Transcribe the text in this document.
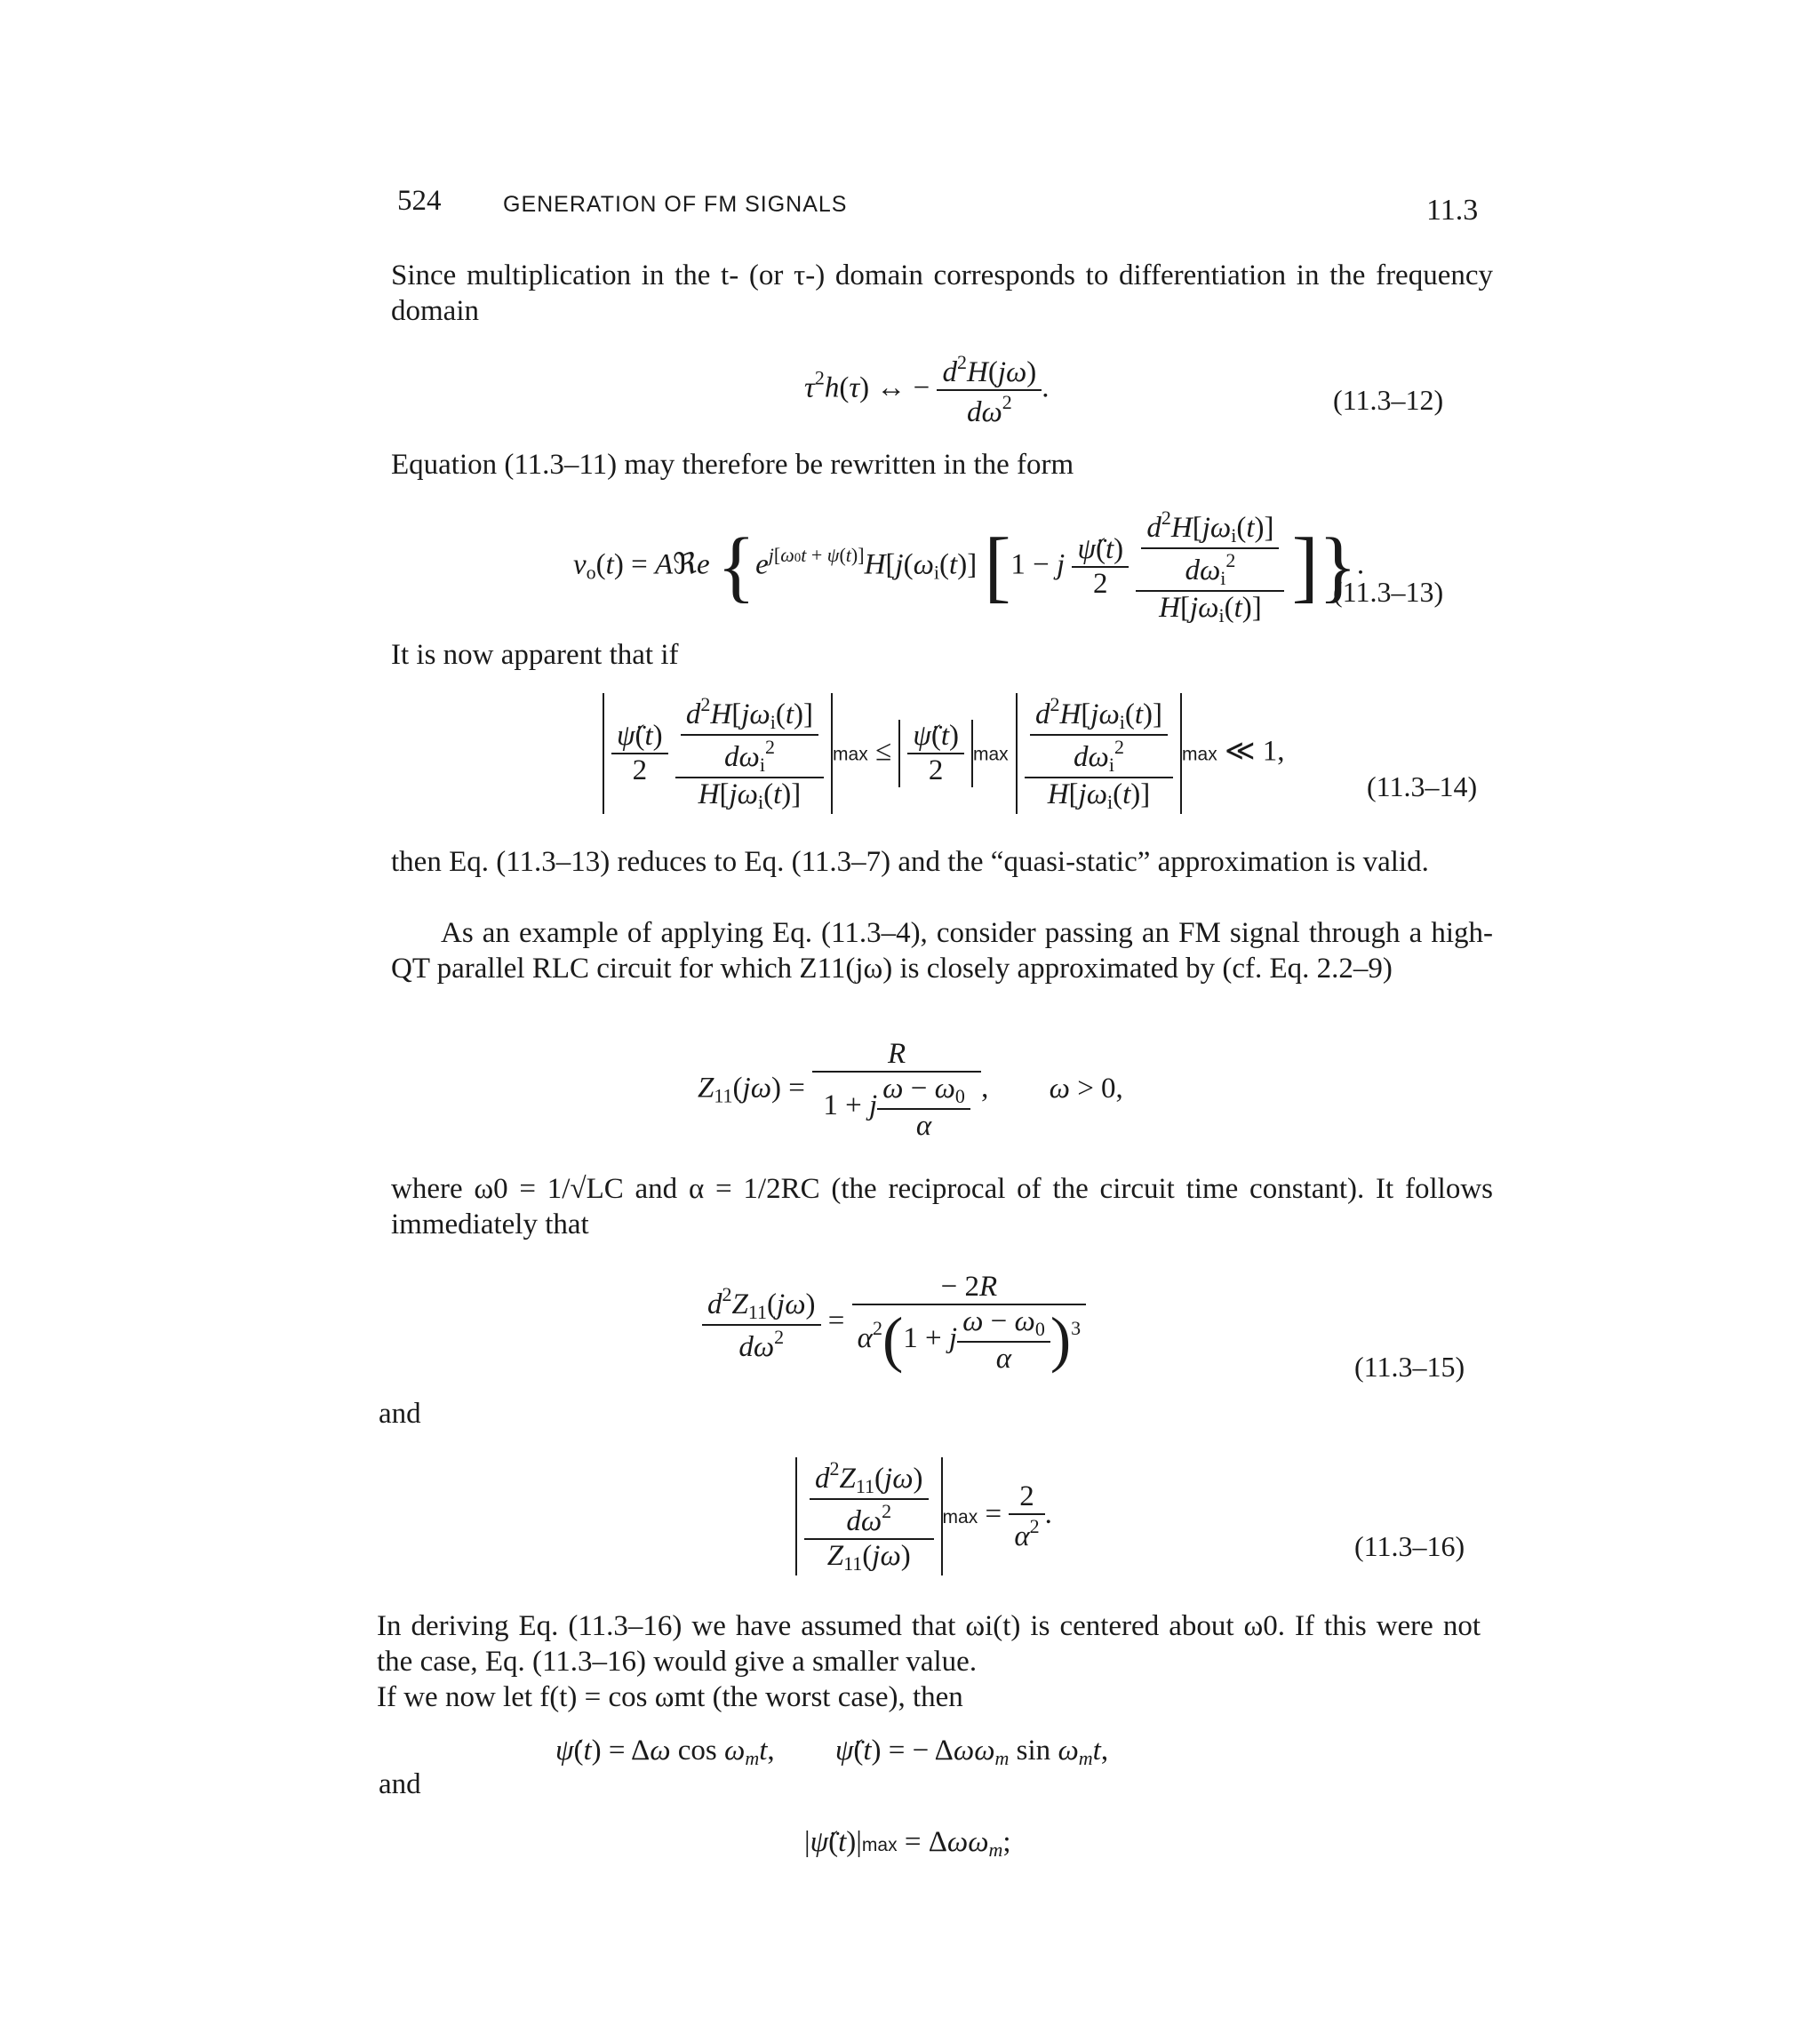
524	GENERATION OF FM SIGNALS	11.3
Since multiplication in the t- (or τ-) domain corresponds to differentiation in the frequency domain
$\tau^2h(\tau)$ ↔ − $\frac{d^2H(j\omega)}{d\omega^2}$ .	(11.3–12)
Equation (11.3–11) may therefore be rewritten in the form
$v_o(t)$ = Aℜe {$e^{j[\omega 0t + \psi(t)]}H[j(\omega_i(t)] [1 - j \frac{\psï(t)}{2}$
$\frac{\frac{d^2H[j\omega_i(t)]}{d\omega_i^2}}{H[j\omega_i(t)]}$ ]}.
(11.3–13)
It is now apparent that if
$\frac{\psï(t)}{2}$
$\frac{\frac{d^2H[j\omega_i(t)]}{d\omega_i^2}}{H[j\omega_i(t)]}$ $\max \le \frac{\psï(t)}{2}$ $\max \frac{\frac{d^2H[j\omega_i(t)]}{d\omega_i^2}}{H[j\omega_i(t)]}$ max ≪ 1,
(11.3–14)
then Eq. (11.3–13) reduces to Eq. (11.3–7) and the “quasi-static” approximation is valid.
As an example of applying Eq. (11.3–4), consider passing an FM signal through a high-QT parallel RLC circuit for which Z11(jω) is closely approximated by (cf. Eq. 2.2–9)
$Z_{11}(j\omega) = \frac{R}{1 + j \frac{\omega - \omega_0}{\alpha}}$ , ω > 0,
where ω0 = 1/√LC and α = 1/2RC (the reciprocal of the circuit time constant). It follows immediately that
$\frac{d^2Z_{11}(j\omega)}{d\omega^2} = \frac{- 2R}{\alpha^2(1 + j \frac{\omega - \omega_0}{\alpha} )^3}$	(11.3–15)
and
$\frac{\frac{d^2Z_{11}(j\omega)}{d\omega^2}}{Z_{11}(j\omega)}$ $\max = \frac{2}{\alpha^2}$ .
(11.3–16)
In deriving Eq. (11.3–16) we have assumed that ωi(t) is centered about ω0. If this were not the case, Eq. (11.3–16) would give a smaller value.
If we now let f(t) = cos ωmt (the worst case), then
ψ̇(t) = Δω $\cos \omega_mt$, ψ̈(t) = − Δωω$_m$ $\sin \omega_mt$,
and
|ψ̈(t)|max = Δωω$_m$;
